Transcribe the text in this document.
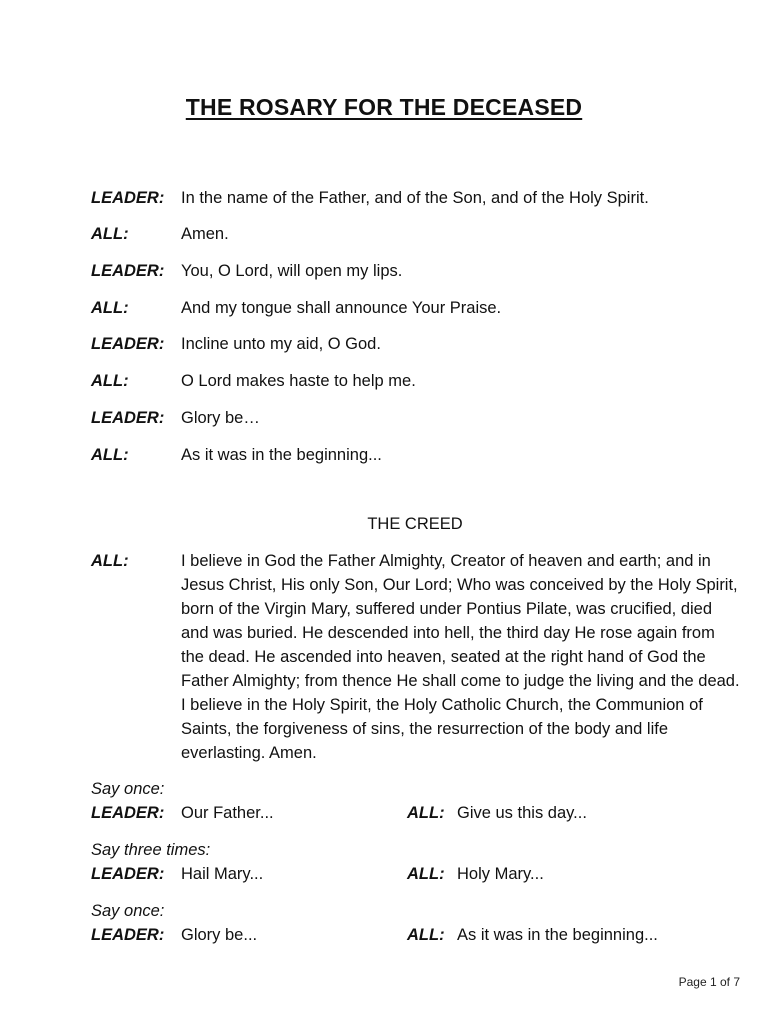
THE ROSARY FOR THE DECEASED
LEADER: In the name of the Father, and of the Son, and of the Holy Spirit.
ALL:	Amen.
LEADER: You, O Lord, will open my lips.
ALL:	And my tongue shall announce Your Praise.
LEADER: Incline unto my aid, O God.
ALL:	O Lord makes haste to help me.
LEADER: Glory be…
ALL:	As it was in the beginning...
THE CREED
ALL:	I believe in God the Father Almighty, Creator of heaven and earth; and in Jesus Christ, His only Son, Our Lord; Who was conceived by the Holy Spirit, born of the Virgin Mary, suffered under Pontius Pilate, was crucified, died and was buried. He descended into hell, the third day He rose again from the dead. He ascended into heaven, seated at the right hand of God the Father Almighty; from thence He shall come to judge the living and the dead. I believe in the Holy Spirit, the Holy Catholic Church, the Communion of Saints, the forgiveness of sins, the resurrection of the body and life everlasting. Amen.
Say once:
LEADER: Our Father...	ALL: Give us this day...
Say three times:
LEADER: Hail Mary...	ALL: Holy Mary...
Say once:
LEADER: Glory be...	ALL: As it was in the beginning...
Page 1 of 7
